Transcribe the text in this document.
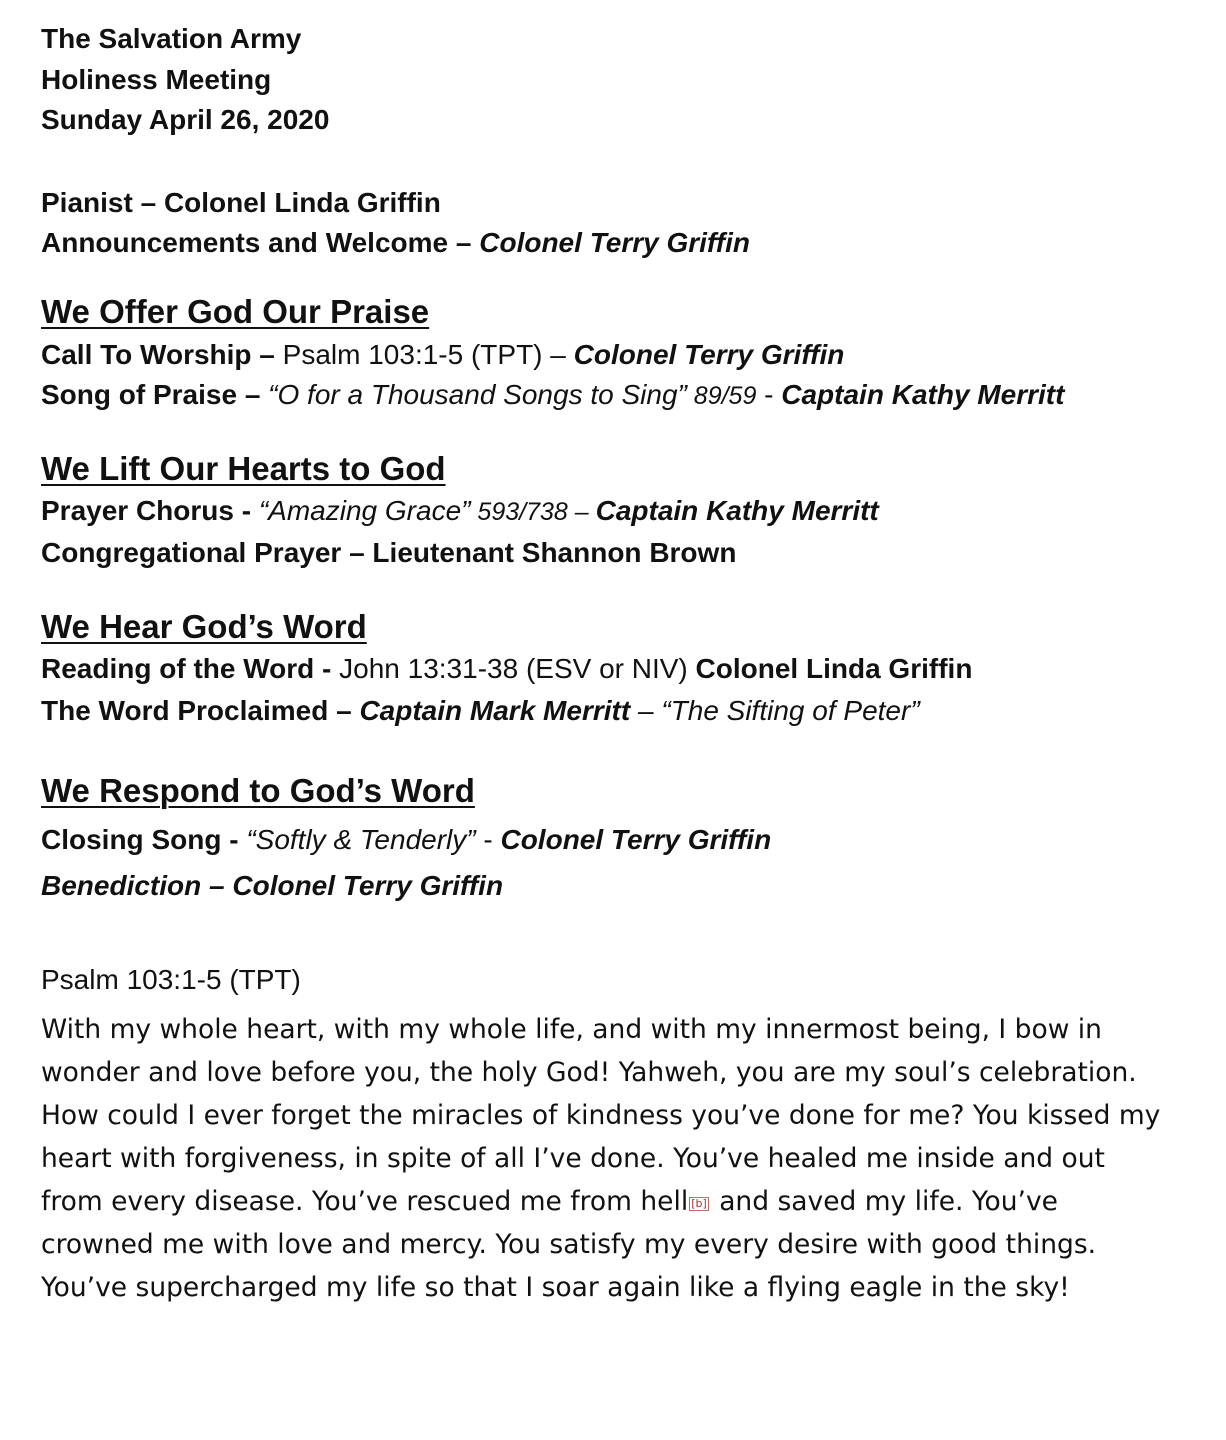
The Salvation Army
Holiness Meeting
Sunday April 26, 2020
Pianist – Colonel Linda Griffin
Announcements and Welcome – Colonel Terry Griffin
We Offer God Our Praise
Call To Worship – Psalm 103:1-5 (TPT) – Colonel Terry Griffin
Song of Praise – “O for a Thousand Songs to Sing” 89/59 - Captain Kathy Merritt
We Lift Our Hearts to God
Prayer Chorus - “Amazing Grace” 593/738 – Captain Kathy Merritt
Congregational Prayer – Lieutenant Shannon Brown
We Hear God’s Word
Reading of the Word - John 13:31-38 (ESV or NIV) Colonel Linda Griffin
The Word Proclaimed – Captain Mark Merritt – “The Sifting of Peter”
We Respond to God’s Word
Closing Song - “Softly & Tenderly” - Colonel Terry Griffin
Benediction – Colonel Terry Griffin
Psalm 103:1-5 (TPT)
With my whole heart, with my whole life, and with my innermost being, I bow in wonder and love before you, the holy God! Yahweh, you are my soul’s celebration. How could I ever forget the miracles of kindness you’ve done for me? You kissed my heart with forgiveness, in spite of all I’ve done. You’ve healed me inside and out from every disease. You’ve rescued me from hell [b] and saved my life. You’ve crowned me with love and mercy. You satisfy my every desire with good things. You’ve supercharged my life so that I soar again like a flying eagle in the sky!
